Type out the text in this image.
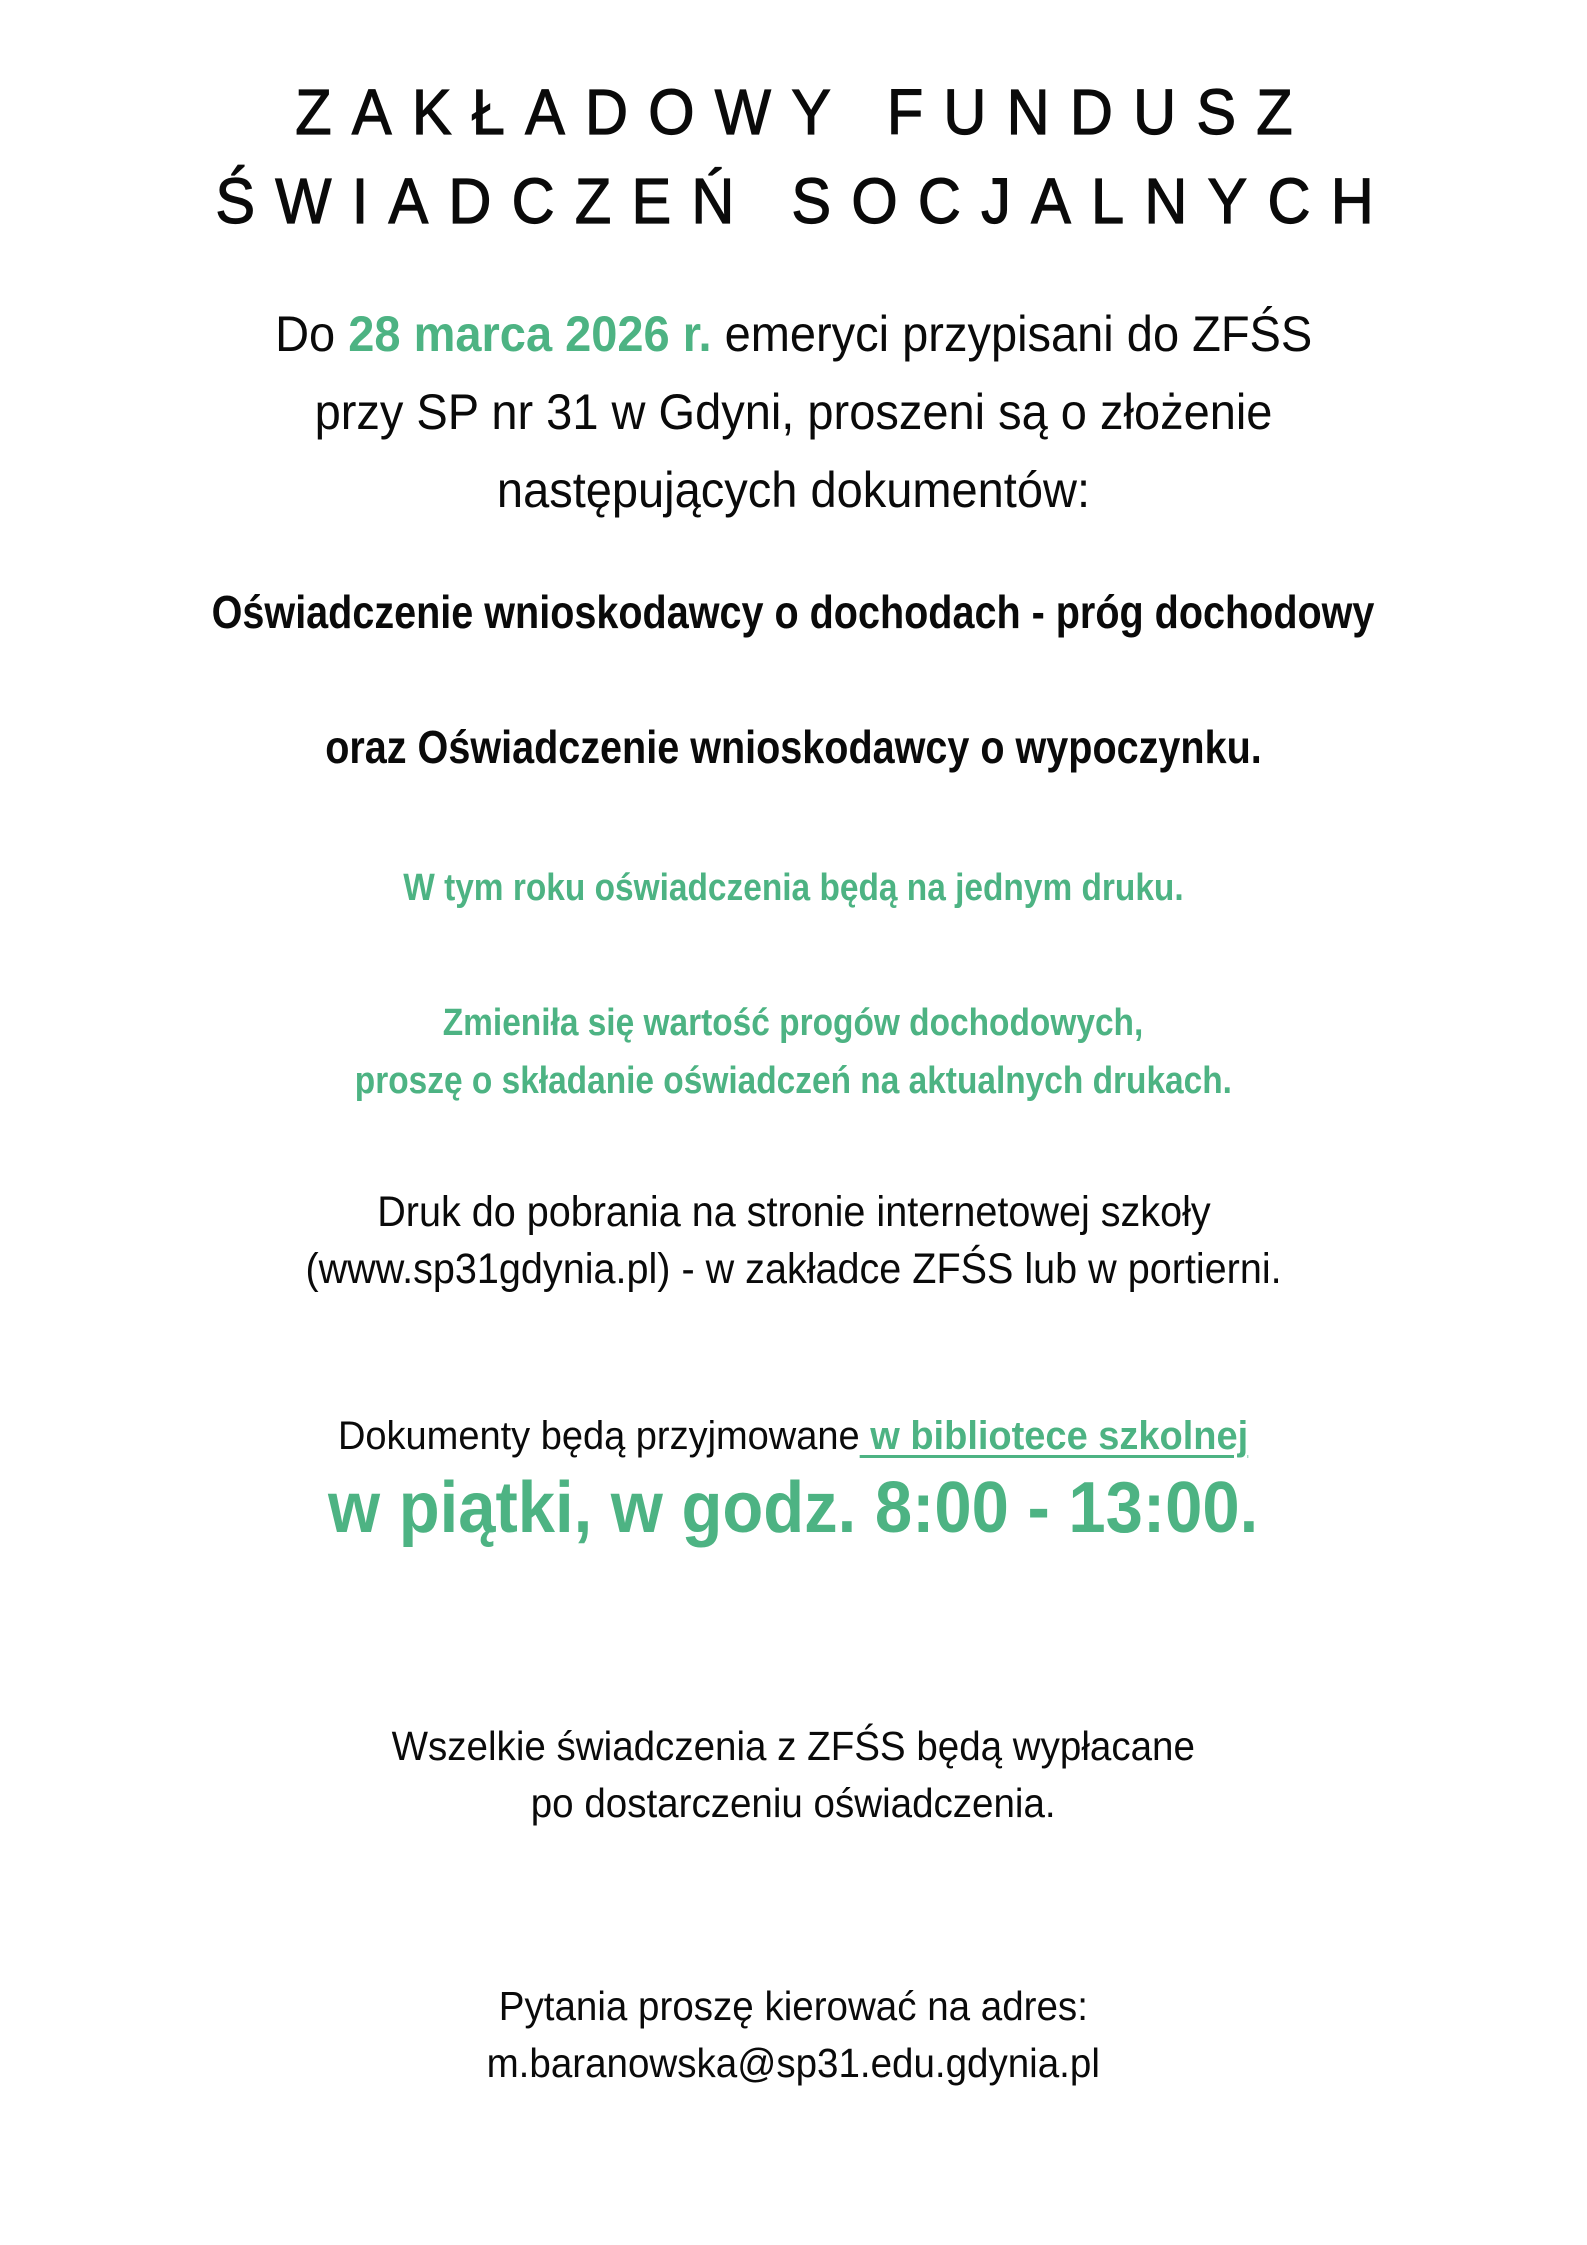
ZAKŁADOWY FUNDUSZ
ŚWIADCZEŃ SOCJALNYCH
Do 28 marca 2026 r. emeryci przypisani do ZFŚS
przy SP nr 31 w Gdyni, proszeni są o złożenie
następujących dokumentów:
Oświadczenie wnioskodawcy o dochodach - próg dochodowy
oraz Oświadczenie wnioskodawcy o wypoczynku.
W tym roku oświadczenia będą na jednym druku.
Zmieniła się wartość progów dochodowych,
proszę o składanie oświadczeń na aktualnych drukach.
Druk do pobrania na stronie internetowej szkoły
(www.sp31gdynia.pl) - w zakładce ZFŚS lub w portierni.
Dokumenty będą przyjmowane w bibliotece szkolnej
w piątki, w godz. 8:00 - 13:00.
Wszelkie świadczenia z ZFŚS będą wypłacane
po dostarczeniu oświadczenia.
Pytania proszę kierować na adres:
m.baranowska@sp31.edu.gdynia.pl
